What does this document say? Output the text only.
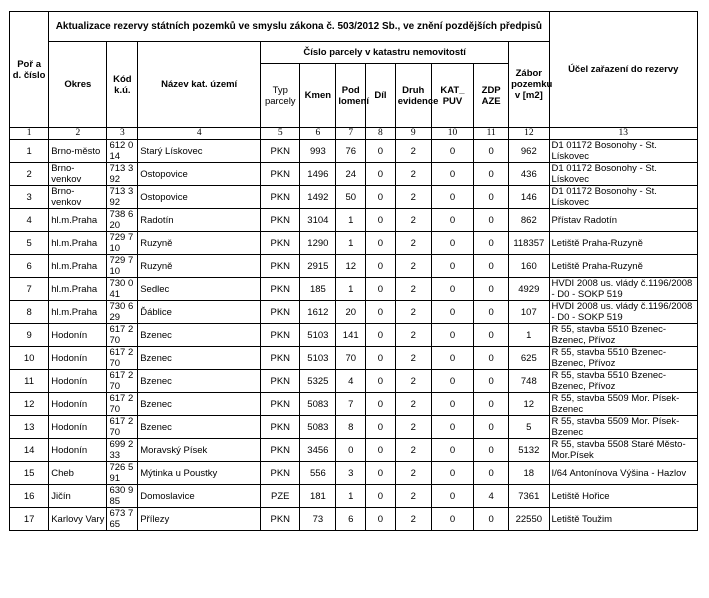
Poř a d. číslo	Aktualizace rezervy státních pozemků ve smyslu zákona č. 503/2012 Sb., ve znění pozdějších předpisů											Účel zařazení do rezervy
	Okres	Kód k.ú.	Název kat. území	Číslo parcely v katastru nemovitostí							Zábor pozemku v [m2]	
				Typ parcely	Kmen	Pod lomení	Díl	Druh evidence	KAT_ PUV	ZDP AZE		
1	2	3	4	5	6	7	8	9	10	11	12	13
1	Brno-město	612 014	Starý Lískovec	PKN	993	76	0	2	0	0	962	D1 01172 Bosonohy - St. Lískovec
2	Brno-venkov	713 392	Ostopovice	PKN	1496	24	0	2	0	0	436	D1 01172 Bosonohy - St. Lískovec
3	Brno-venkov	713 392	Ostopovice	PKN	1492	50	0	2	0	0	146	D1 01172 Bosonohy - St. Lískovec
4	hl.m.Praha	738 620	Radotín	PKN	3104	1	0	2	0	0	862	Přístav Radotín
5	hl.m.Praha	729 710	Ruzyně	PKN	1290	1	0	2	0	0	118357	Letiště Praha-Ruzyně
6	hl.m.Praha	729 710	Ruzyně	PKN	2915	12	0	2	0	0	160	Letiště Praha-Ruzyně
7	hl.m.Praha	730 041	Sedlec	PKN	185	1	0	2	0	0	4929	HVDI 2008 us. vlády č.1196/2008 - D0 - SOKP 519
8	hl.m.Praha	730 629	Ďáblice	PKN	1612	20	0	2	0	0	107	HVDI 2008 us. vlády č.1196/2008 - D0 - SOKP 519
9	Hodonín	617 270	Bzenec	PKN	5103	141	0	2	0	0	1	R 55, stavba 5510 Bzenec-Bzenec, Přívoz
10	Hodonín	617 270	Bzenec	PKN	5103	70	0	2	0	0	625	R 55, stavba 5510 Bzenec-Bzenec, Přívoz
11	Hodonín	617 270	Bzenec	PKN	5325	4	0	2	0	0	748	R 55, stavba 5510 Bzenec-Bzenec, Přívoz
12	Hodonín	617 270	Bzenec	PKN	5083	7	0	2	0	0	12	R 55, stavba 5509 Mor. Písek-Bzenec
13	Hodonín	617 270	Bzenec	PKN	5083	8	0	2	0	0	5	R 55, stavba 5509 Mor. Písek-Bzenec
14	Hodonín	699 233	Moravský Písek	PKN	3456	0	0	2	0	0	5132	R 55, stavba 5508 Staré Město-Mor.Písek
15	Cheb	726 591	Mýtinka u Poustky	PKN	556	3	0	2	0	0	18	I/64 Antonínova Výšina - Hazlov
16	Jičín	630 985	Domoslavice	PZE	181	1	0	2	0	4	7361	Letiště Hořice
17	Karlovy Vary	673 765	Přílezy	PKN	73	6	0	2	0	0	22550	Letiště Toužim
